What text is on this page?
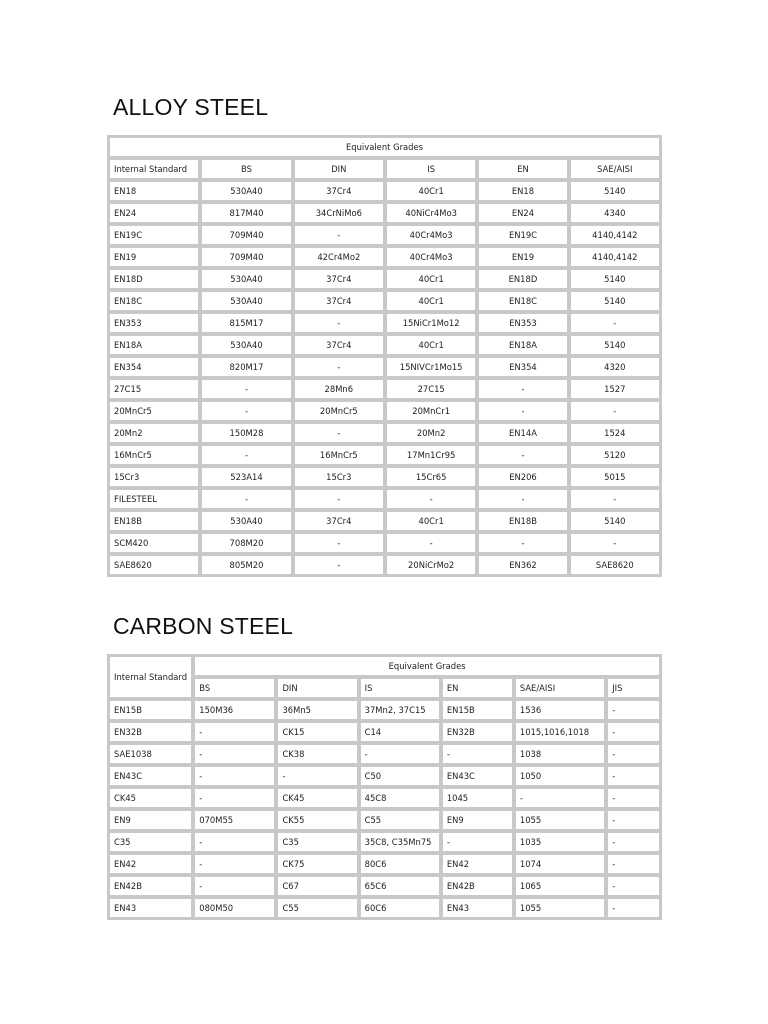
ALLOY STEEL
Equivalent Grades					
Internal Standard	BS	DIN	IS	EN	SAE/AISI
EN18	530A40	37Cr4	40Cr1	EN18	5140
EN24	817M40	34CrNiMo6	40NiCr4Mo3	EN24	4340
EN19C	709M40	-	40Cr4Mo3	EN19C	4140,4142
EN19	709M40	42Cr4Mo2	40Cr4Mo3	EN19	4140,4142
EN18D	530A40	37Cr4	40Cr1	EN18D	5140
EN18C	530A40	37Cr4	40Cr1	EN18C	5140
EN353	815M17	-	15NiCr1Mo12	EN353	-
EN18A	530A40	37Cr4	40Cr1	EN18A	5140
EN354	820M17	-	15NIVCr1Mo15	EN354	4320
27C15	-	28Mn6	27C15	-	1527
20MnCr5	-	20MnCr5	20MnCr1	-	-
20Mn2	150M28	-	20Mn2	EN14A	1524
16MnCr5	-	16MnCr5	17Mn1Cr95	-	5120
15Cr3	523A14	15Cr3	15Cr65	EN206	5015
FILESTEEL	-	-	-	-	-
EN18B	530A40	37Cr4	40Cr1	EN18B	5140
SCM420	708M20	-	-	-	-
SAE8620	805M20	-	20NiCrMo2	EN362	SAE8620
CARBON STEEL
Internal Standard	Equivalent Grades					
	BS	DIN	IS	EN	SAE/AISI	JIS
EN15B	150M36	36Mn5	37Mn2, 37C15	EN15B	1536	-
EN32B	-	CK15	C14	EN32B	1015,1016,1018	-
SAE1038	-	CK38	-	-	1038	-
EN43C	-	-	C50	EN43C	1050	-
CK45	-	CK45	45C8	1045	-	-
EN9	070M55	CK55	C55	EN9	1055	-
C35	-	C35	35C8, C35Mn75	-	1035	-
EN42	-	CK75	80C6	EN42	1074	-
EN42B	-	C67	65C6	EN42B	1065	-
EN43	080M50	C55	60C6	EN43	1055	-
